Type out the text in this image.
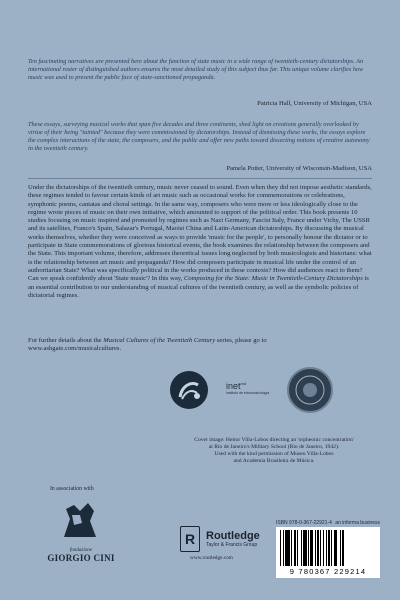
Ten fascinating narratives are presented here about the function of state music in a wide range of twentieth-century dictatorships. An international roster of distinguished authors ensures the most detailed study of this subject thus far. This unique volume clarifies how music was used to present the public face of state-sanctioned propaganda.
Patricia Hall, University of Michigan, USA
These essays, surveying musical works that span five decades and three continents, shed light on creations generally overlooked by virtue of their being "tainted" because they were commissioned by dictatorships. Instead of dismissing these works, the essays explore the complex interactions of the state, the composers, and the public and offer new paths toward dissecting notions of creative autonomy in the twentieth century.
Pamela Potter, University of Wisconsin-Madison, USA
Under the dictatorships of the twentieth century, music never ceased to sound. Even when they did not impose aesthetic standards, these regimes tended to favour certain kinds of art music such as occasional works for commemorations or celebrations, symphonic poems, cantatas and choral settings. In the same way, composers who were more or less ideologically close to the regime wrote pieces of music on their own initiative, which amounted to support of the political order. This book presents 10 studies focusing on music inspired and promoted by regimes such as Nazi Germany, Fascist Italy, France under Vichy, The USSR and its satellites, Franco's Spain, Salazar's Portugal, Maoist China and Latin-American dictatorships. By discussing the musical works themselves, whether they were conceived as ways to provide 'music for the people', to personally honour the dictator or to participate in State commemorations of glorious historical events, the book examines the relationship between the composers and the State. This important volume, therefore, addresses theoretical issues long neglected by both musicologists and historians: what is the relationship between art music and propaganda? How did composers participate in musical life under the control of an authoritarian State? What was specifically political in the works produced in these contexts? How did audiences react to them? Can we speak confidently about 'State music'? In this way, Composing for the State: Music in Twentieth-Century Dictatorships is an essential contribution to our understanding of musical cultures of the twentieth century, as well as the symbolic policies of dictatorial regimes.
For further details about the Musical Cultures of the Twentieth Century series, please go to
www.ashgate.com/musicalcultures.
inet$^{md}$
instituto de etnomusicologia
Cover image: Heitor Villa-Lobos directing an 'orpheonic concentration'
at Rio de Janeiro's Military School (Rio de Janeiro, 1942).
Used with the kind permission of Museu Villa-Lobos
and Academia Brasileira de Música.
In association with
fondazione
GIORGIO CINI
R Routledge
Taylor & Francis Group
www.routledge.com
ISBN 978-0-367-22921-4 an informa business
9 780367 229214
